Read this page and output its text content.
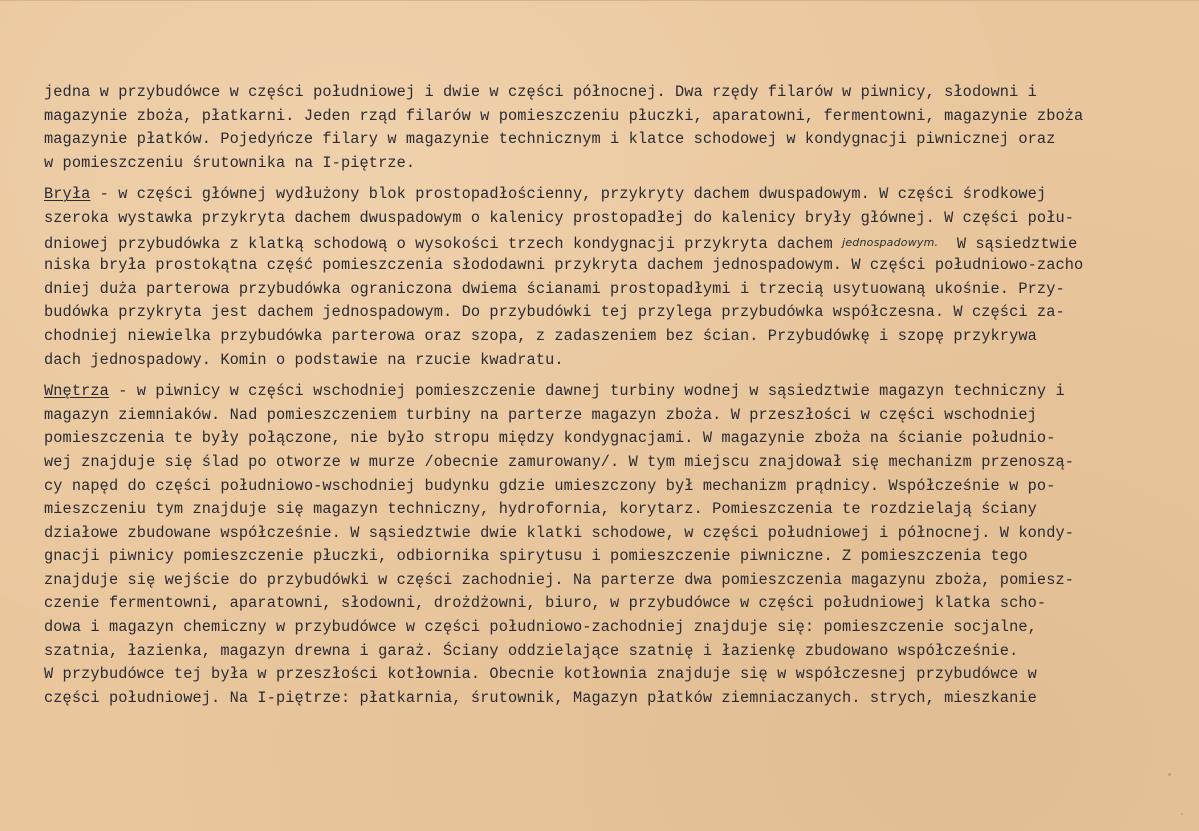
jedna w przybudówce w części południowej i dwie w części północnej. Dwa rzędy filarów w piwnicy, słodowni i
magazynie zboża, płatkarni. Jeden rząd filarów w pomieszczeniu płuczki, aparatowni, fermentowni, magazynie zboża
magazynie płatków. Pojedyńcze filary w magazynie technicznym i klatce schodowej w kondygnacji piwnicznej oraz
w pomieszczeniu śrutownika na I-piętrze.
Bryła - w części głównej wydłużony blok prostopadłościenny, przykryty dachem dwuspadowym. W części środkowej
szeroka wystawka przykryta dachem dwuspadowym o kalenicy prostopadłej do kalenicy bryły głównej. W części połu-
dniowej przybudówka z klatką schodową o wysokości trzech kondygnacji przykryta dachem jednospadowym.  W sąsiedztwie
niska bryła prostokątna część pomieszczenia słododawni przykryta dachem jednospadowym. W części południowo-zacho
dniej duża parterowa przybudówka ograniczona dwiema ścianami prostopadłymi i trzecią usytuowaną ukośnie. Przy-
budówka przykryta jest dachem jednospadowym. Do przybudówki tej przylega przybudówka współczesna. W części za-
chodniej niewielka przybudówka parterowa oraz szopa, z zadaszeniem bez ścian. Przybudówkę i szopę przykrywa
dach jednospadowy. Komin o podstawie na rzucie kwadratu.
Wnętrza - w piwnicy w części wschodniej pomieszczenie dawnej turbiny wodnej w sąsiedztwie magazyn techniczny i
magazyn ziemniaków. Nad pomieszczeniem turbiny na parterze magazyn zboża. W przeszłości w części wschodniej
pomieszczenia te były połączone, nie było stropu między kondygnacjami. W magazynie zboża na ścianie południo-
wej znajduje się ślad po otworze w murze /obecnie zamurowany/. W tym miejscu znajdował się mechanizm przenoszą-
cy napęd do części południowo-wschodniej budynku gdzie umieszczony był mechanizm prądnicy. Współcześnie w po-
mieszczeniu tym znajduje się magazyn techniczny, hydrofornia, korytarz. Pomieszczenia te rozdzielają ściany
działowe zbudowane współcześnie. W sąsiedztwie dwie klatki schodowe, w części południowej i północnej. W kondy-
gnacji piwnicy pomieszczenie płuczki, odbiornika spirytusu i pomieszczenie piwniczne. Z pomieszczenia tego
znajduje się wejście do przybudówki w części zachodniej. Na parterze dwa pomieszczenia magazynu zboża, pomiesz-
czenie fermentowni, aparatowni, słodowni, drożdżowni, biuro, w przybudówce w części południowej klatka scho-
dowa i magazyn chemiczny w przybudówce w części południowo-zachodniej znajduje się: pomieszczenie socjalne,
szatnia, łazienka, magazyn drewna i garaż. Ściany oddzielające szatnię i łazienkę zbudowano współcześnie.
W przybudówce tej była w przeszłości kotłownia. Obecnie kotłownia znajduje się w współczesnej przybudówce w
części południowej. Na I-piętrze: płatkarnia, śrutownik, Magazyn płatków ziemniaczanych. strych, mieszkanie
